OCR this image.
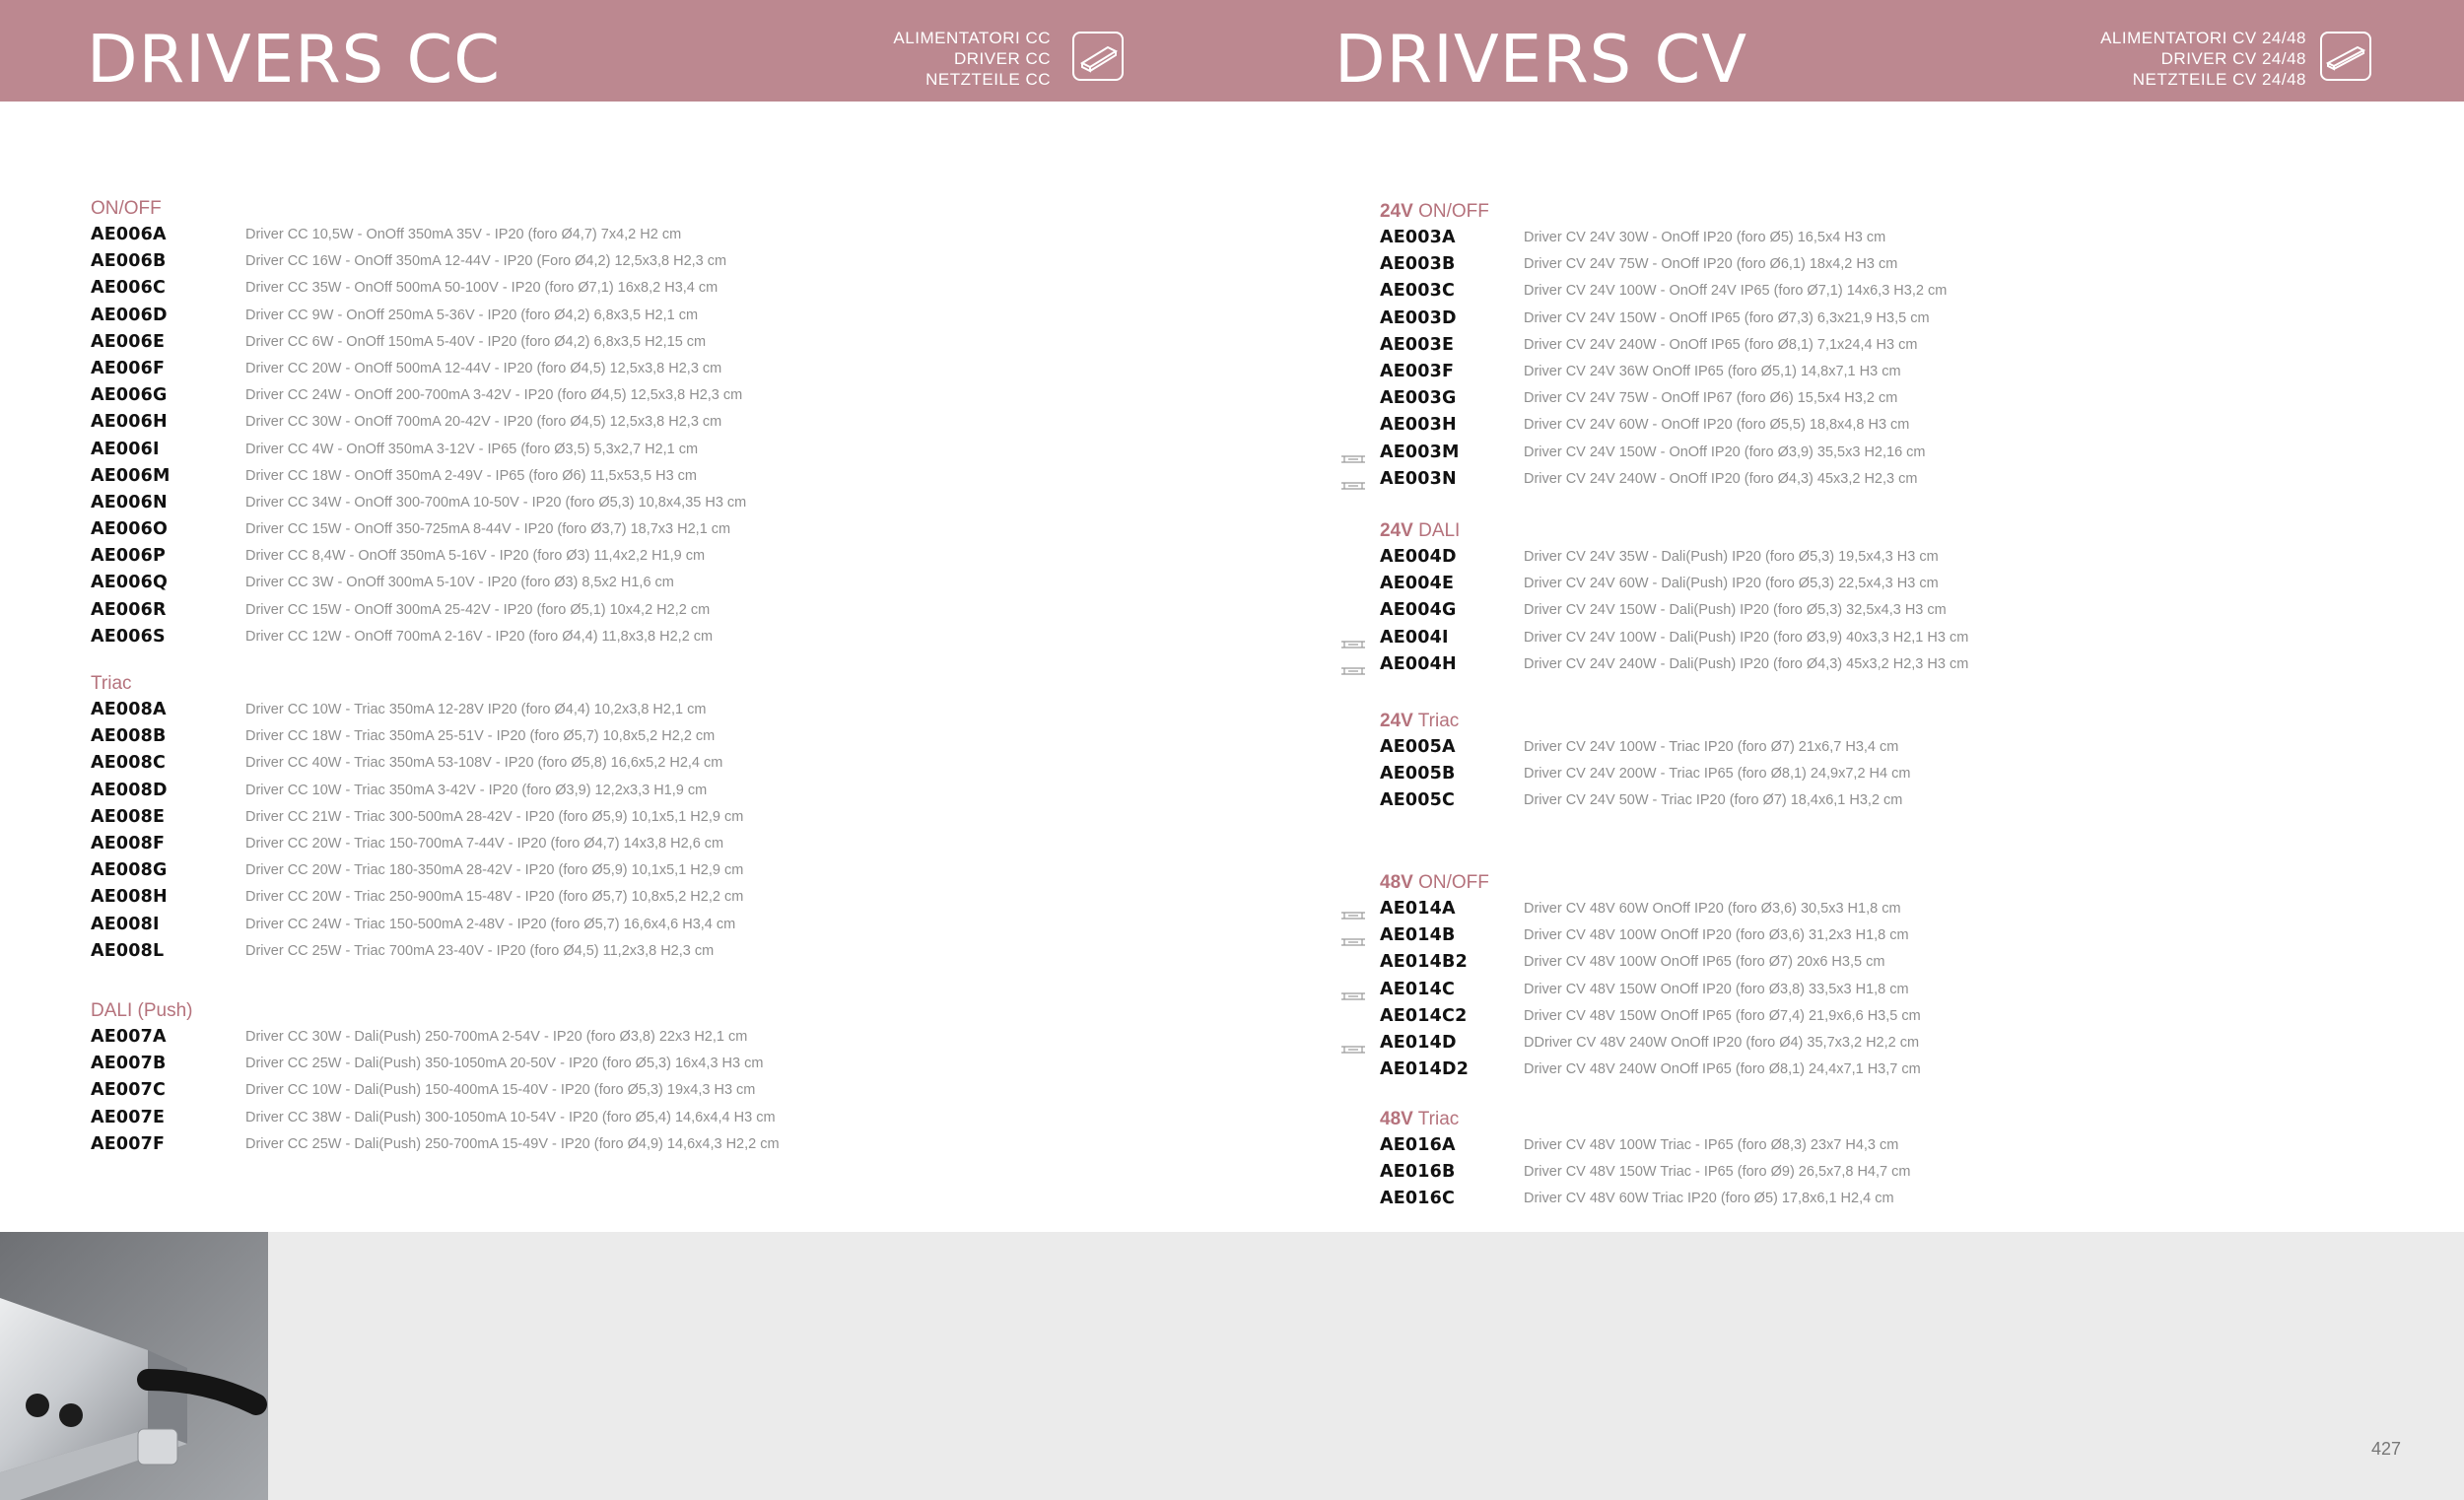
DRIVERS CC	ALIMENTATORI CC
DRIVER CC
NETZTEILE CC	DRIVERS CV	ALIMENTATORI CV 24/48
DRIVER CV 24/48
NETZTEILE CV 24/48
ON/OFF
AE006A	Driver CC 10,5W - OnOff 350mA 35V - IP20 (foro Ø4,7) 7x4,2 H2 cm
AE006B	Driver CC 16W - OnOff 350mA 12-44V - IP20 (Foro Ø4,2) 12,5x3,8 H2,3 cm
AE006C	Driver CC 35W - OnOff 500mA 50-100V - IP20 (foro Ø7,1) 16x8,2 H3,4 cm
AE006D	Driver CC 9W - OnOff 250mA 5-36V - IP20 (foro Ø4,2) 6,8x3,5 H2,1 cm
AE006E	Driver CC 6W - OnOff 150mA 5-40V - IP20 (foro Ø4,2) 6,8x3,5 H2,15 cm
AE006F	Driver CC 20W - OnOff 500mA 12-44V - IP20 (foro Ø4,5) 12,5x3,8 H2,3 cm
AE006G	Driver CC 24W - OnOff 200-700mA 3-42V - IP20 (foro Ø4,5) 12,5x3,8 H2,3 cm
AE006H	Driver CC 30W - OnOff 700mA 20-42V - IP20 (foro Ø4,5) 12,5x3,8 H2,3 cm
AE006I	Driver CC 4W - OnOff 350mA 3-12V - IP65 (foro Ø3,5) 5,3x2,7 H2,1 cm
AE006M	Driver CC 18W - OnOff 350mA 2-49V - IP65 (foro Ø6) 11,5x53,5 H3 cm
AE006N	Driver CC 34W - OnOff 300-700mA 10-50V - IP20 (foro Ø5,3) 10,8x4,35 H3 cm
AE006O	Driver CC 15W - OnOff 350-725mA 8-44V - IP20 (foro Ø3,7) 18,7x3 H2,1 cm
AE006P	Driver CC 8,4W - OnOff 350mA 5-16V - IP20 (foro Ø3) 11,4x2,2 H1,9 cm
AE006Q	Driver CC 3W - OnOff 300mA 5-10V - IP20 (foro Ø3) 8,5x2 H1,6 cm
AE006R	Driver CC 15W - OnOff 300mA 25-42V - IP20 (foro Ø5,1) 10x4,2 H2,2 cm
AE006S	Driver CC 12W - OnOff 700mA 2-16V - IP20 (foro Ø4,4) 11,8x3,8 H2,2 cm
Triac
AE008A	Driver CC 10W - Triac 350mA 12-28V IP20 (foro Ø4,4) 10,2x3,8 H2,1 cm
AE008B	Driver CC 18W - Triac 350mA 25-51V - IP20 (foro Ø5,7) 10,8x5,2 H2,2 cm
AE008C	Driver CC 40W - Triac 350mA 53-108V - IP20 (foro Ø5,8) 16,6x5,2 H2,4 cm
AE008D	Driver CC 10W - Triac 350mA 3-42V - IP20 (foro Ø3,9) 12,2x3,3 H1,9 cm
AE008E	Driver CC 21W - Triac 300-500mA 28-42V - IP20 (foro Ø5,9) 10,1x5,1 H2,9 cm
AE008F	Driver CC 20W - Triac 150-700mA 7-44V - IP20 (foro Ø4,7) 14x3,8 H2,6 cm
AE008G	Driver CC 20W - Triac 180-350mA 28-42V - IP20 (foro Ø5,9) 10,1x5,1 H2,9 cm
AE008H	Driver CC 20W - Triac 250-900mA 15-48V - IP20 (foro Ø5,7) 10,8x5,2 H2,2 cm
AE008I	Driver CC 24W - Triac 150-500mA 2-48V - IP20 (foro Ø5,7) 16,6x4,6 H3,4 cm
AE008L	Driver CC 25W - Triac 700mA 23-40V - IP20 (foro Ø4,5) 11,2x3,8 H2,3 cm
DALI (Push)
AE007A	Driver CC 30W - Dali(Push) 250-700mA 2-54V - IP20 (foro Ø3,8) 22x3 H2,1 cm
AE007B	Driver CC 25W - Dali(Push) 350-1050mA 20-50V - IP20 (foro Ø5,3) 16x4,3 H3 cm
AE007C	Driver CC 10W - Dali(Push) 150-400mA 15-40V - IP20 (foro Ø5,3) 19x4,3 H3 cm
AE007E	Driver CC 38W - Dali(Push) 300-1050mA 10-54V - IP20 (foro Ø5,4) 14,6x4,4 H3 cm
AE007F	Driver CC 25W - Dali(Push) 250-700mA 15-49V - IP20 (foro Ø4,9) 14,6x4,3 H2,2 cm
24V ON/OFF
AE003A	Driver CV 24V 30W - OnOff IP20 (foro Ø5) 16,5x4 H3 cm
AE003B	Driver CV 24V 75W - OnOff IP20 (foro Ø6,1) 18x4,2 H3 cm
AE003C	Driver CV 24V 100W - OnOff 24V IP65 (foro Ø7,1) 14x6,3 H3,2 cm
AE003D	Driver CV 24V 150W - OnOff IP65 (foro Ø7,3) 6,3x21,9 H3,5 cm
AE003E	Driver CV 24V 240W - OnOff IP65 (foro Ø8,1) 7,1x24,4 H3 cm
AE003F	Driver CV 24V 36W OnOff IP65 (foro Ø5,1) 14,8x7,1 H3 cm
AE003G	Driver CV 24V 75W - OnOff IP67 (foro Ø6) 15,5x4 H3,2 cm
AE003H	Driver CV 24V 60W - OnOff IP20 (foro Ø5,5) 18,8x4,8 H3 cm
AE003M	Driver CV 24V 150W - OnOff IP20 (foro Ø3,9) 35,5x3 H2,16 cm
AE003N	Driver CV 24V 240W - OnOff IP20 (foro Ø4,3) 45x3,2 H2,3 cm
24V DALI
AE004D	Driver CV 24V 35W - Dali(Push) IP20 (foro Ø5,3) 19,5x4,3 H3 cm
AE004E	Driver CV 24V 60W - Dali(Push) IP20 (foro Ø5,3) 22,5x4,3 H3 cm
AE004G	Driver CV 24V 150W - Dali(Push) IP20 (foro Ø5,3) 32,5x4,3 H3 cm
AE004I	Driver CV 24V 100W - Dali(Push) IP20 (foro Ø3,9) 40x3,3 H2,1 H3 cm
AE004H	Driver CV 24V 240W - Dali(Push) IP20 (foro Ø4,3) 45x3,2 H2,3 H3 cm
24V Triac
AE005A	Driver CV 24V 100W - Triac IP20 (foro Ø7) 21x6,7 H3,4 cm
AE005B	Driver CV 24V 200W - Triac IP65 (foro Ø8,1) 24,9x7,2 H4 cm
AE005C	Driver CV 24V 50W - Triac IP20 (foro Ø7) 18,4x6,1 H3,2 cm
48V ON/OFF
AE014A	Driver CV 48V 60W OnOff IP20 (foro Ø3,6) 30,5x3 H1,8 cm
AE014B	Driver CV 48V 100W OnOff IP20 (foro Ø3,6) 31,2x3 H1,8 cm
AE014B2	Driver CV 48V 100W OnOff IP65 (foro Ø7) 20x6 H3,5 cm
AE014C	Driver CV 48V 150W OnOff IP20 (foro Ø3,8) 33,5x3 H1,8 cm
AE014C2	Driver CV 48V 150W OnOff IP65 (foro Ø7,4) 21,9x6,6 H3,5 cm
AE014D	DDriver CV 48V 240W OnOff IP20 (foro Ø4) 35,7x3,2 H2,2 cm
AE014D2	Driver CV 48V 240W OnOff IP65 (foro Ø8,1) 24,4x7,1 H3,7 cm
48V Triac
AE016A	Driver CV 48V 100W Triac - IP65 (foro Ø8,3) 23x7 H4,3 cm
AE016B	Driver CV 48V 150W Triac - IP65 (foro Ø9) 26,5x7,8 H4,7 cm
AE016C	Driver CV 48V 60W Triac IP20 (foro Ø5) 17,8x6,1 H2,4 cm
427
